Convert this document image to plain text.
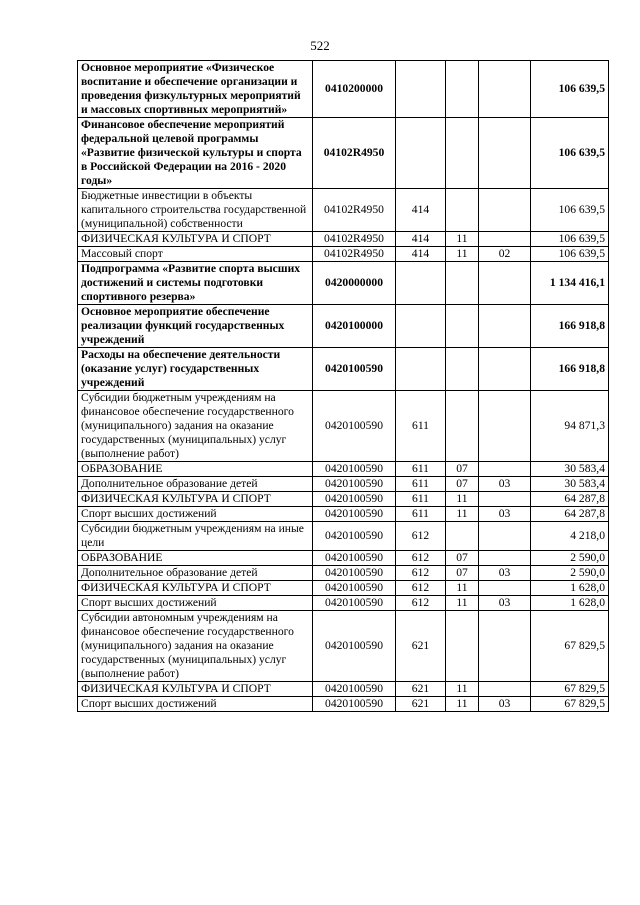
522
Основное мероприятие «Физическое воспитание и обеспечение организации и проведения физкультурных мероприятий и массовых спортивных мероприятий»	0410200000				106 639,5
Финансовое обеспечение мероприятий федеральной целевой программы «Развитие физической культуры и спорта в Российской Федерации на 2016 - 2020 годы»	04102R4950				106 639,5
Бюджетные инвестиции в объекты капитального строительства государственной (муниципальной) собственности	04102R4950	414			106 639,5
ФИЗИЧЕСКАЯ КУЛЬТУРА И СПОРТ	04102R4950	414	11		106 639,5
Массовый спорт	04102R4950	414	11	02	106 639,5
Подпрограмма «Развитие спорта высших достижений и системы подготовки спортивного резерва»	0420000000				1 134 416,1
Основное мероприятие обеспечение реализации функций государственных учреждений	0420100000				166 918,8
Расходы на обеспечение деятельности (оказание услуг) государственных учреждений	0420100590				166 918,8
Субсидии бюджетным учреждениям на финансовое обеспечение государственного (муниципального) задания на оказание государственных (муниципальных) услуг (выполнение работ)	0420100590	611			94 871,3
ОБРАЗОВАНИЕ	0420100590	611	07		30 583,4
Дополнительное образование детей	0420100590	611	07	03	30 583,4
ФИЗИЧЕСКАЯ КУЛЬТУРА И СПОРТ	0420100590	611	11		64 287,8
Спорт высших достижений	0420100590	611	11	03	64 287,8
Субсидии бюджетным учреждениям на иные цели	0420100590	612			4 218,0
ОБРАЗОВАНИЕ	0420100590	612	07		2 590,0
Дополнительное образование детей	0420100590	612	07	03	2 590,0
ФИЗИЧЕСКАЯ КУЛЬТУРА И СПОРТ	0420100590	612	11		1 628,0
Спорт высших достижений	0420100590	612	11	03	1 628,0
Субсидии автономным учреждениям на финансовое обеспечение государственного (муниципального) задания на оказание государственных (муниципальных) услуг (выполнение работ)	0420100590	621			67 829,5
ФИЗИЧЕСКАЯ КУЛЬТУРА И СПОРТ	0420100590	621	11		67 829,5
Спорт высших достижений	0420100590	621	11	03	67 829,5
